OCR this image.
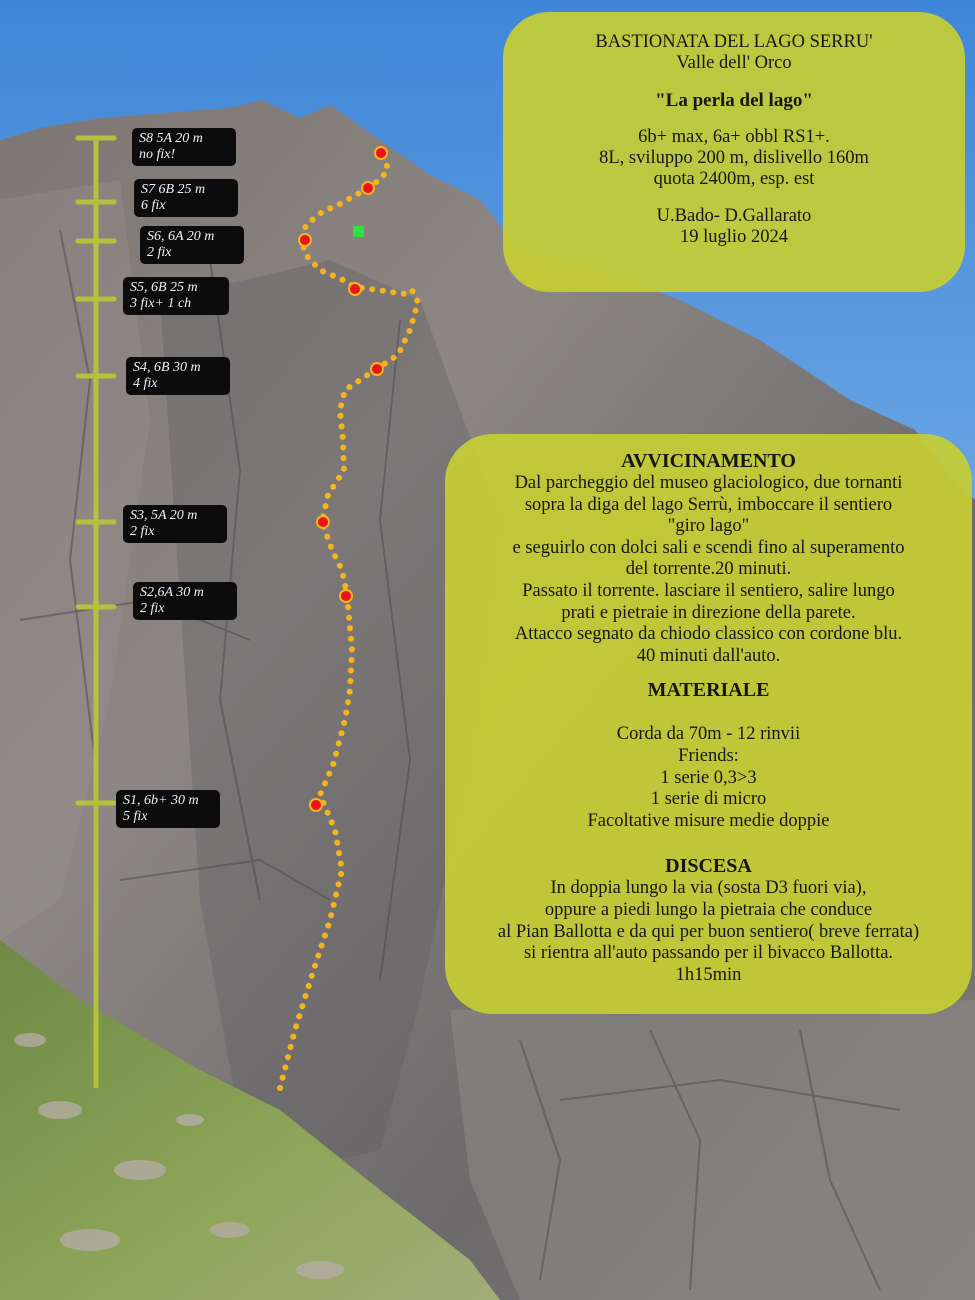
S8 5A 20 m
no fix!
S7 6B 25 m
6 fix
S6, 6A 20 m
2 fix
S5, 6B 25 m
3 fix+ 1 ch
S4, 6B 30 m
4 fix
S3, 5A 20 m
2 fix
S2,6A 30 m
2 fix
S1, 6b+ 30 m
5 fix
BASTIONATA DEL LAGO SERRU'
Valle dell' Orco
"La perla del lago"
6b+ max, 6a+ obbl RS1+.
8L, sviluppo 200 m, dislivello 160m
quota 2400m, esp. est
U.Bado- D.Gallarato
19 luglio 2024
AVVICINAMENTO
Dal parcheggio del museo glaciologico, due tornanti
sopra la diga del lago Serrù, imboccare il sentiero
"giro lago"
e seguirlo con dolci sali e scendi fino al superamento
del torrente.20 minuti.
Passato il torrente. lasciare il sentiero, salire lungo
prati e pietraie in direzione della parete.
Attacco segnato da chiodo classico con cordone blu.
40 minuti dall'auto.
MATERIALE
Corda da 70m - 12 rinvii
Friends:
1 serie 0,3>3
1 serie di micro
Facoltative misure medie doppie
DISCESA
In doppia lungo la via (sosta D3 fuori via),
oppure a piedi lungo la pietraia che conduce
al Pian Ballotta e da qui per buon sentiero( breve ferrata)
si rientra all'auto passando per il bivacco Ballotta.
1h15min
